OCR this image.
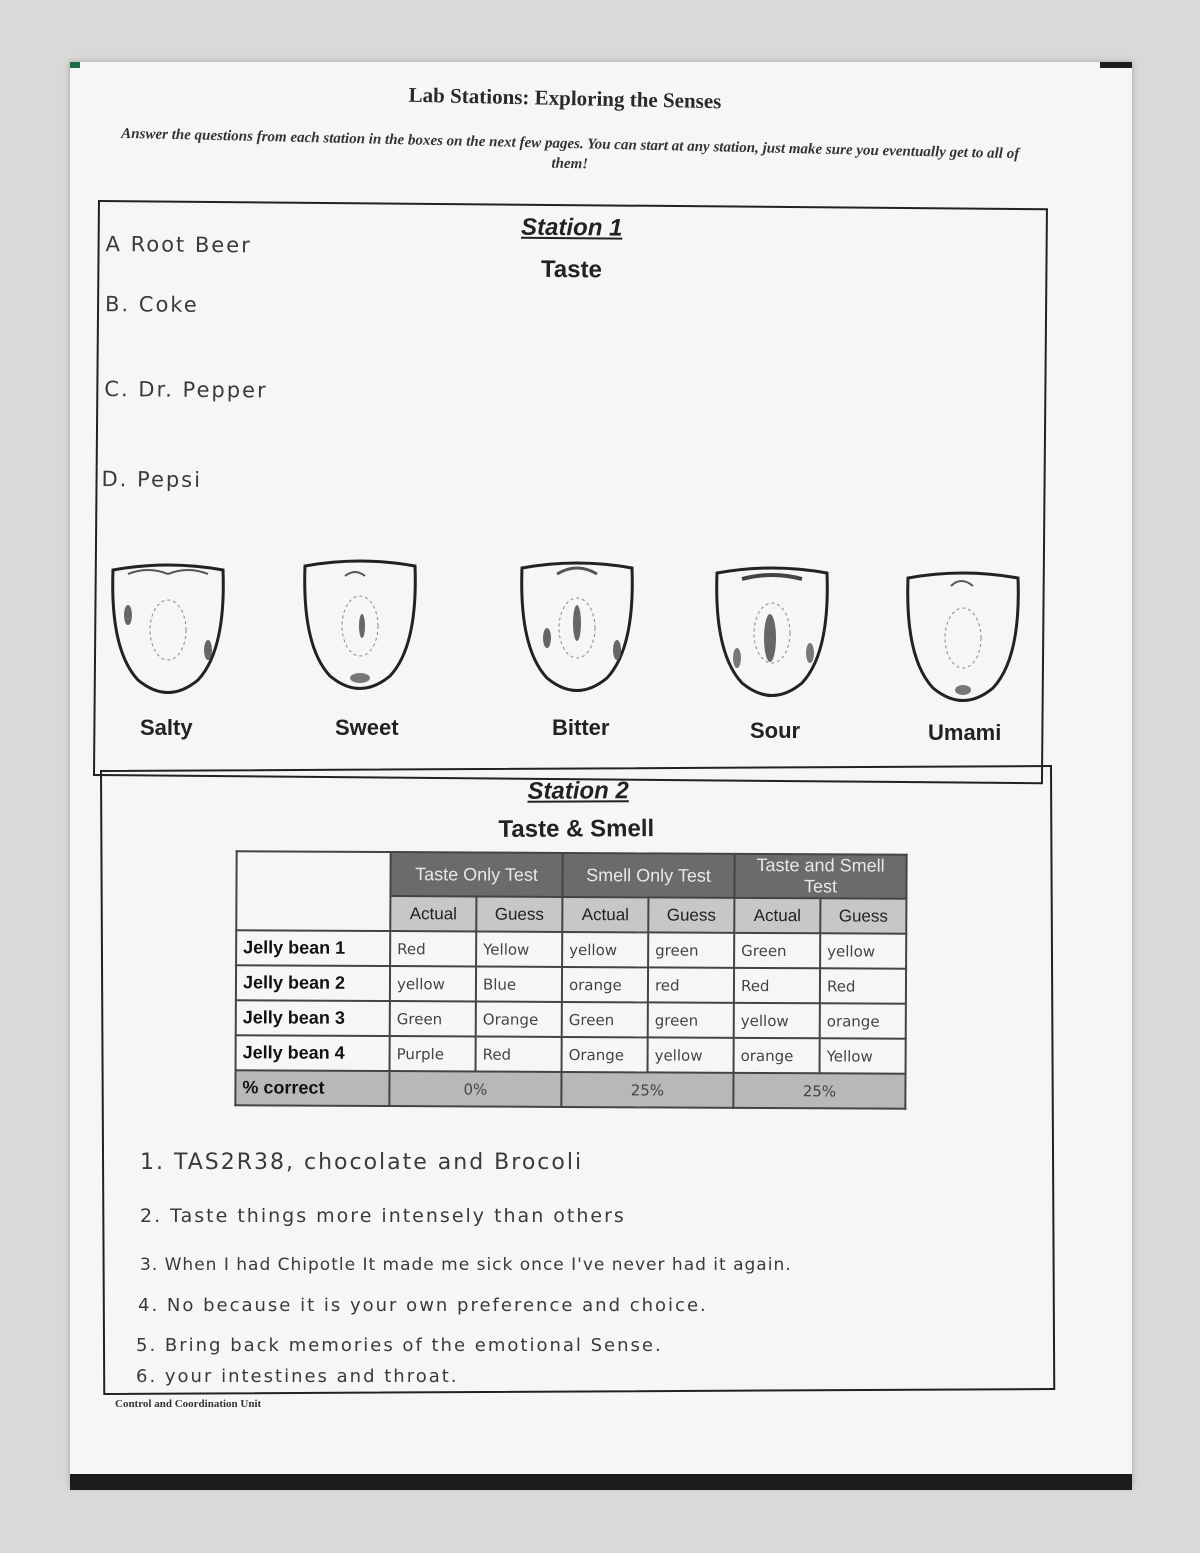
Lab Stations: Exploring the Senses
Answer the questions from each station in the boxes on the next few pages. You can start at any station, just make sure you eventually get to all of them!
Station 1
Taste
A Root Beer
B. Coke
C. Dr. Pepper
D. Pepsi
Salty	Sweet	Bitter	Sour	Umami
Station 2
Taste & Smell
	Taste Only Test		Smell Only Test		Taste and Smell Test	
	Actual	Guess	Actual	Guess	Actual	Guess
Jelly bean 1	Red	Yellow	yellow	green	Green	yellow
Jelly bean 2	yellow	Blue	orange	red	Red	Red
Jelly bean 3	Green	Orange	Green	green	yellow	orange
Jelly bean 4	Purple	Red	Orange	yellow	orange	Yellow
% correct	0%		25%		25%	
1. TAS2R38, chocolate and Brocoli
2. Taste things more intensely than others
3. When I had Chipotle It made me sick once I've never had it again.
4. No because it is your own preference and choice.
5. Bring back memories of the emotional Sense.
6. your intestines and throat.
Control and Coordination Unit
